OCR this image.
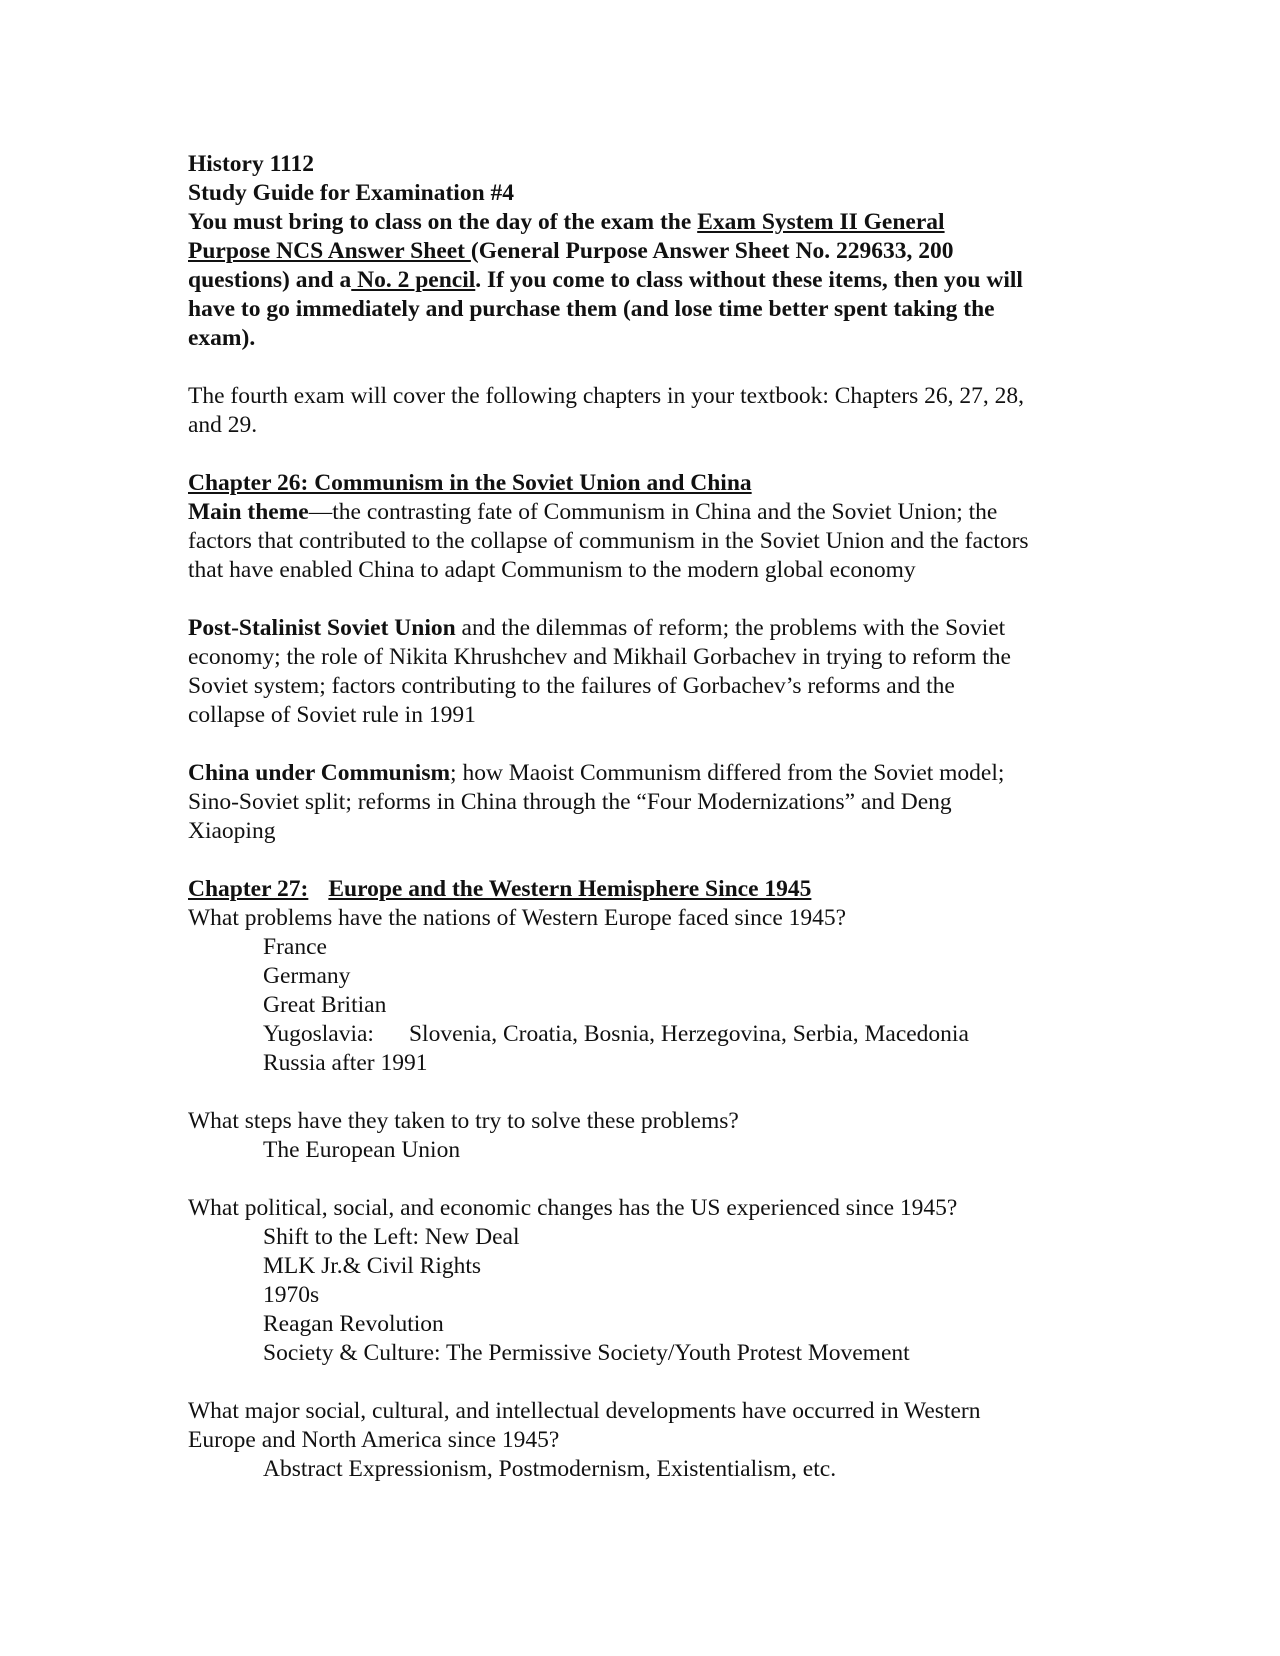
History 1112
Study Guide for Examination #4
You must bring to class on the day of the exam the Exam System II General
Purpose NCS Answer Sheet (General Purpose Answer Sheet No. 229633, 200
questions) and a No. 2 pencil. If you come to class without these items, then you will
have to go immediately and purchase them (and lose time better spent taking the
exam).
The fourth exam will cover the following chapters in your textbook: Chapters 26, 27, 28,
and 29.
Chapter 26: Communism in the Soviet Union and China
Main theme—the contrasting fate of Communism in China and the Soviet Union; the
factors that contributed to the collapse of communism in the Soviet Union and the factors
that have enabled China to adapt Communism to the modern global economy
Post-Stalinist Soviet Union and the dilemmas of reform; the problems with the Soviet
economy; the role of Nikita Khrushchev and Mikhail Gorbachev in trying to reform the
Soviet system; factors contributing to the failures of Gorbachev’s reforms and the
collapse of Soviet rule in 1991
China under Communism; how Maoist Communism differed from the Soviet model;
Sino-Soviet split; reforms in China through the “Four Modernizations” and Deng
Xiaoping
Chapter 27: Europe and the Western Hemisphere Since 1945
What problems have the nations of Western Europe faced since 1945?
France
Germany
Great Britian
Yugoslavia: Slovenia, Croatia, Bosnia, Herzegovina, Serbia, Macedonia
Russia after 1991
What steps have they taken to try to solve these problems?
The European Union
What political, social, and economic changes has the US experienced since 1945?
Shift to the Left: New Deal
MLK Jr.& Civil Rights
1970s
Reagan Revolution
Society & Culture: The Permissive Society/Youth Protest Movement
What major social, cultural, and intellectual developments have occurred in Western
Europe and North America since 1945?
Abstract Expressionism, Postmodernism, Existentialism, etc.
